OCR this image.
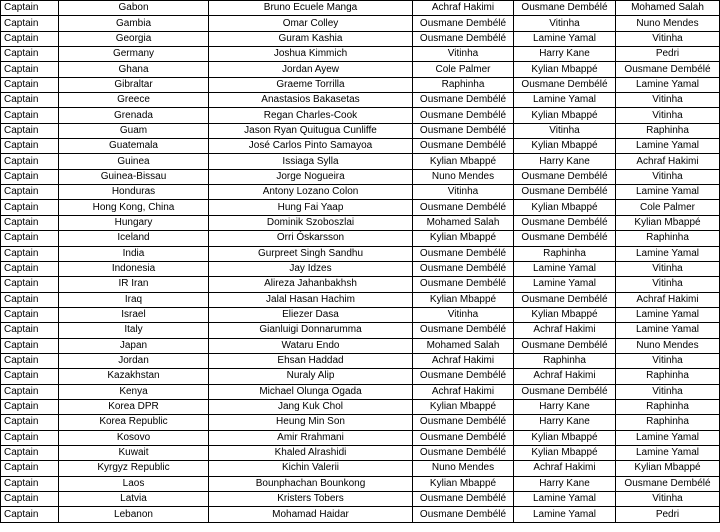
Captain	Gabon	Bruno Ecuele Manga	Achraf Hakimi	Ousmane Dembélé	Mohamed Salah
Captain	Gambia	Omar Colley	Ousmane Dembélé	Vitinha	Nuno Mendes
Captain	Georgia	Guram Kashia	Ousmane Dembélé	Lamine Yamal	Vitinha
Captain	Germany	Joshua Kimmich	Vitinha	Harry Kane	Pedri
Captain	Ghana	Jordan Ayew	Cole Palmer	Kylian Mbappé	Ousmane Dembélé
Captain	Gibraltar	Graeme Torrilla	Raphinha	Ousmane Dembélé	Lamine Yamal
Captain	Greece	Anastasios Bakasetas	Ousmane Dembélé	Lamine Yamal	Vitinha
Captain	Grenada	Regan Charles-Cook	Ousmane Dembélé	Kylian Mbappé	Vitinha
Captain	Guam	Jason Ryan Quitugua Cunliffe	Ousmane Dembélé	Vitinha	Raphinha
Captain	Guatemala	José Carlos Pinto Samayoa	Ousmane Dembélé	Kylian Mbappé	Lamine Yamal
Captain	Guinea	Issiaga Sylla	Kylian Mbappé	Harry Kane	Achraf Hakimi
Captain	Guinea-Bissau	Jorge Nogueira	Nuno Mendes	Ousmane Dembélé	Vitinha
Captain	Honduras	Antony Lozano Colon	Vitinha	Ousmane Dembélé	Lamine Yamal
Captain	Hong Kong, China	Hung Fai Yaap	Ousmane Dembélé	Kylian Mbappé	Cole Palmer
Captain	Hungary	Dominik Szoboszlai	Mohamed Salah	Ousmane Dembélé	Kylian Mbappé
Captain	Iceland	Orri Óskarsson	Kylian Mbappé	Ousmane Dembélé	Raphinha
Captain	India	Gurpreet Singh Sandhu	Ousmane Dembélé	Raphinha	Lamine Yamal
Captain	Indonesia	Jay Idzes	Ousmane Dembélé	Lamine Yamal	Vitinha
Captain	IR Iran	Alireza Jahanbakhsh	Ousmane Dembélé	Lamine Yamal	Vitinha
Captain	Iraq	Jalal Hasan Hachim	Kylian Mbappé	Ousmane Dembélé	Achraf Hakimi
Captain	Israel	Eliezer Dasa	Vitinha	Kylian Mbappé	Lamine Yamal
Captain	Italy	Gianluigi Donnarumma	Ousmane Dembélé	Achraf Hakimi	Lamine Yamal
Captain	Japan	Wataru Endo	Mohamed Salah	Ousmane Dembélé	Nuno Mendes
Captain	Jordan	Ehsan Haddad	Achraf Hakimi	Raphinha	Vitinha
Captain	Kazakhstan	Nuraly Alip	Ousmane Dembélé	Achraf Hakimi	Raphinha
Captain	Kenya	Michael Olunga Ogada	Achraf Hakimi	Ousmane Dembélé	Vitinha
Captain	Korea DPR	Jang Kuk Chol	Kylian Mbappé	Harry Kane	Raphinha
Captain	Korea Republic	Heung Min Son	Ousmane Dembélé	Harry Kane	Raphinha
Captain	Kosovo	Amir Rrahmani	Ousmane Dembélé	Kylian Mbappé	Lamine Yamal
Captain	Kuwait	Khaled Alrashidi	Ousmane Dembélé	Kylian Mbappé	Lamine Yamal
Captain	Kyrgyz Republic	Kichin Valerii	Nuno Mendes	Achraf Hakimi	Kylian Mbappé
Captain	Laos	Bounphachan Bounkong	Kylian Mbappé	Harry Kane	Ousmane Dembélé
Captain	Latvia	Kristers Tobers	Ousmane Dembélé	Lamine Yamal	Vitinha
Captain	Lebanon	Mohamad Haidar	Ousmane Dembélé	Lamine Yamal	Pedri
